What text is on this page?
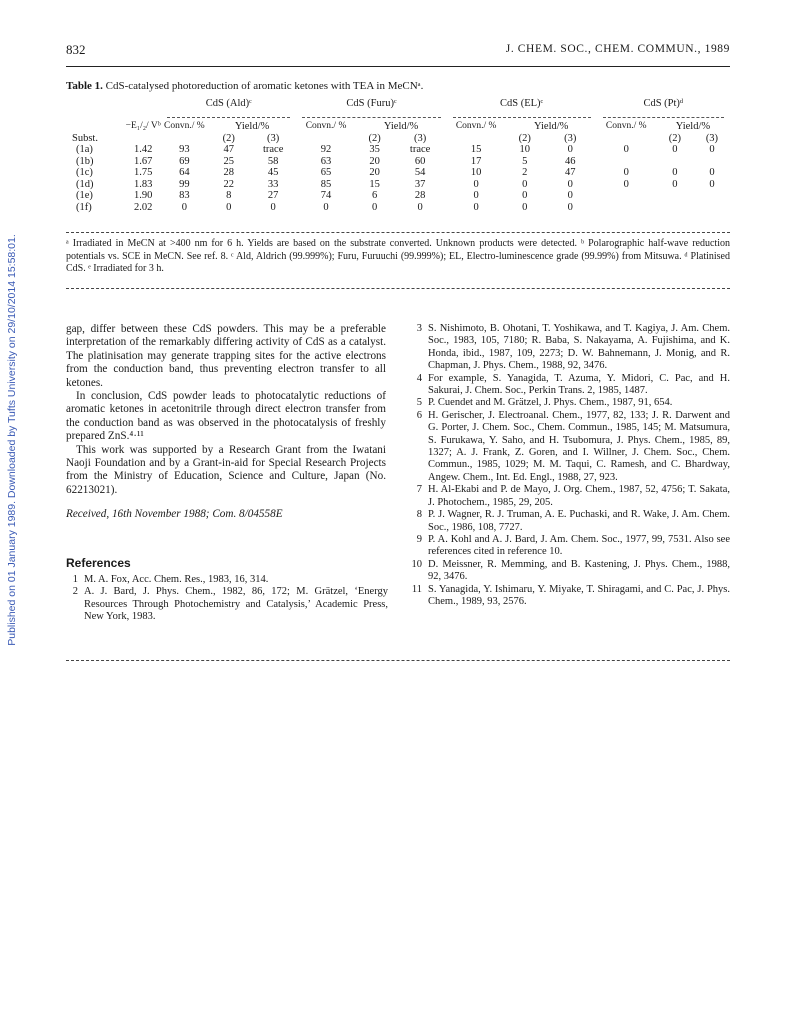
Published on 01 January 1989. Downloaded by Tufts University on 29/10/2014 15:58:01.
832	J. CHEM. SOC., CHEM. COMMUN., 1989
Table 1. CdS-catalysed photoreduction of aromatic ketones with TEA in MeCNᵃ.
		CdS (Ald)ᶜ			CdS (Furu)ᶜ			CdS (EL)ᶜ			CdS (Pt)ᵈ		

	−E₁/₂/ Vᵇ	Convn./ %	Yield/%		Convn./ %	Yield/%		Convn./ %	Yield/%		Convn./ %	Yield/%	
Subst.			(2)	(3)		(2)	(3)		(2)	(3)		(2)	(3)
(1a)	1.42	93	47	trace	92	35	trace	15	10	0	0	0	0
(1b)	1.67	69	25	58	63	20	60	17	5	46			
(1c)	1.75	64	28	45	65	20	54	10	2	47	0	0	0
(1d)	1.83	99	22	33	85	15	37	0	0	0	0	0	0
(1e)	1.90	83	8	27	74	6	28	0	0	0			
(1f)	2.02	0	0	0	0	0	0	0	0	0			
ᵃ Irradiated in MeCN at >400 nm for 6 h. Yields are based on the substrate converted. Unknown products were detected. ᵇ Polarographic half-wave reduction potentials vs. SCE in MeCN. See ref. 8. ᶜ Ald, Aldrich (99.999%); Furu, Furuuchi (99.999%); EL, Electro-luminescence grade (99.99%) from Mitsuwa. ᵈ Platinised CdS. ᵉ Irradiated for 3 h.

gap, differ between these CdS powders. This may be a preferable interpretation of the remarkably differing activity of CdS as a catalyst. The platinisation may generate trapping sites for the active electrons from the conduction band, thus preventing electron transfer to all ketones.

In conclusion, CdS powder leads to photocatalytic reductions of aromatic ketones in acetonitrile through direct electron transfer from the conduction band as was observed in the photocatalysis of freshly prepared ZnS.⁴·¹¹

This work was supported by a Research Grant from the Iwatani Naoji Foundation and by a Grant-in-aid for Special Research Projects from the Ministry of Education, Science and Culture, Japan (No. 62213021).

Received, 16th November 1988; Com. 8/04558E
References
1 M. A. Fox, Acc. Chem. Res., 1983, 16, 314.
2 A. J. Bard, J. Phys. Chem., 1982, 86, 172; M. Grätzel, ‘Energy Resources Through Photochemistry and Catalysis,’ Academic Press, New York, 1983.
3 S. Nishimoto, B. Ohotani, T. Yoshikawa, and T. Kagiya, J. Am. Chem. Soc., 1983, 105, 7180; R. Baba, S. Nakayama, A. Fujishima, and K. Honda, ibid., 1987, 109, 2273; D. W. Bahnemann, J. Monig, and R. Chapman, J. Phys. Chem., 1988, 92, 3476.
4 For example, S. Yanagida, T. Azuma, Y. Midori, C. Pac, and H. Sakurai, J. Chem. Soc., Perkin Trans. 2, 1985, 1487.
5 P. Cuendet and M. Grätzel, J. Phys. Chem., 1987, 91, 654.
6 H. Gerischer, J. Electroanal. Chem., 1977, 82, 133; J. R. Darwent and G. Porter, J. Chem. Soc., Chem. Commun., 1985, 145; M. Matsumura, S. Furukawa, Y. Saho, and H. Tsubomura, J. Phys. Chem., 1985, 89, 1327; A. J. Frank, Z. Goren, and I. Willner, J. Chem. Soc., Chem. Commun., 1985, 1029; M. M. Taqui, C. Ramesh, and C. Bhardway, Angew. Chem., Int. Ed. Engl., 1988, 27, 923.
7 H. Al-Ekabi and P. de Mayo, J. Org. Chem., 1987, 52, 4756; T. Sakata, J. Photochem., 1985, 29, 205.
8 P. J. Wagner, R. J. Truman, A. E. Puchaski, and R. Wake, J. Am. Chem. Soc., 1986, 108, 7727.
9 P. A. Kohl and A. J. Bard, J. Am. Chem. Soc., 1977, 99, 7531. Also see references cited in reference 10.
10 D. Meissner, R. Memming, and B. Kastening, J. Phys. Chem., 1988, 92, 3476.
11 S. Yanagida, Y. Ishimaru, Y. Miyake, T. Shiragami, and C. Pac, J. Phys. Chem., 1989, 93, 2576.
